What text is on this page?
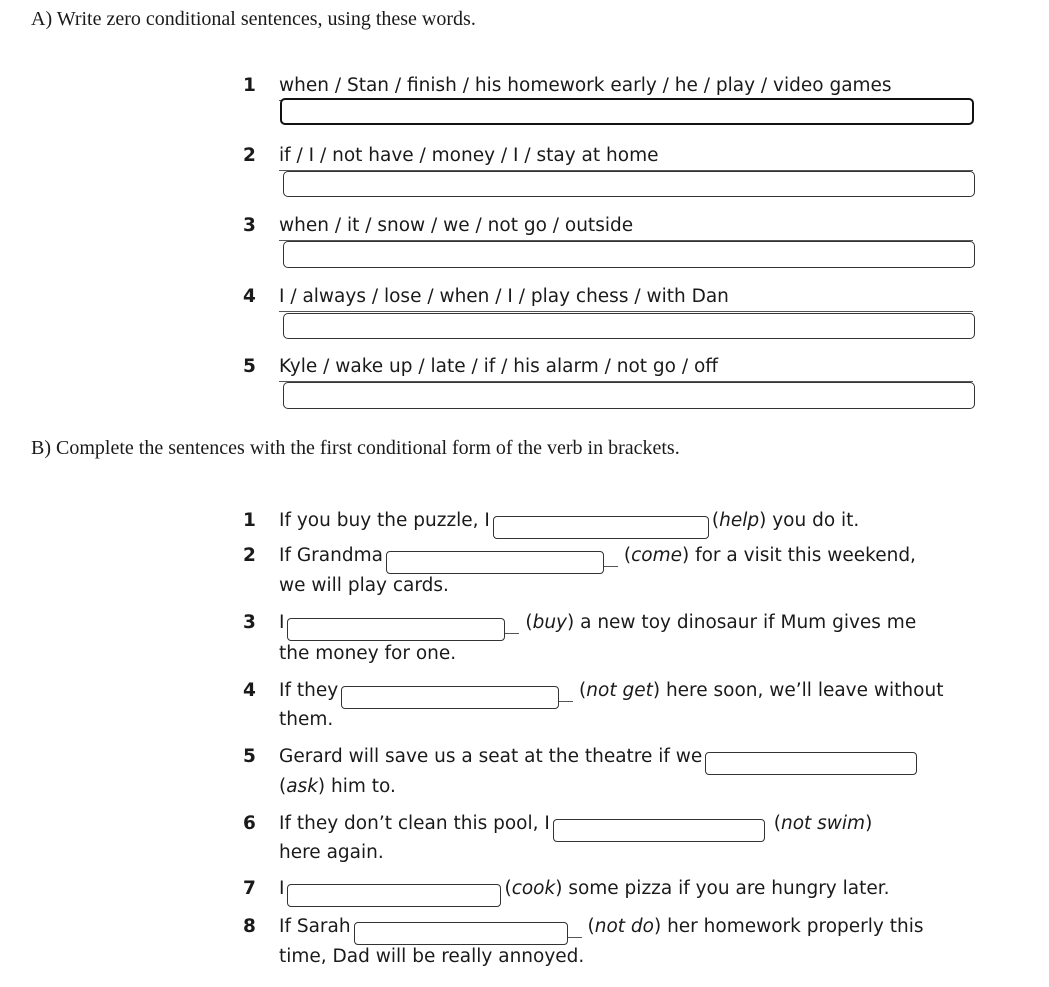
A) Write zero conditional sentences, using these words.
1 when / Stan / finish / his homework early / he / play / video games
2 if / I / not have / money / I / stay at home
3 when / it / snow / we / not go / outside
4 I / always / lose / when / I / play chess / with Dan
5 Kyle / wake up / late / if / his alarm / not go / off
B) Complete the sentences with the first conditional form of the verb in brackets.
1 If you buy the puzzle, I	(help) you do it.
2 If Grandma	(come) for a visit this weekend,
we will play cards.
3 I	(buy) a new toy dinosaur if Mum gives me
the money for one.
4 If they	(not get) here soon, we’ll leave without
them.
5 Gerard will save us a seat at the theatre if we
(ask) him to.
6 If they don’t clean this pool, I	(not swim)
here again.
7 I	(cook) some pizza if you are hungry later.
8 If Sarah	(not do) her homework properly this
time, Dad will be really annoyed.
